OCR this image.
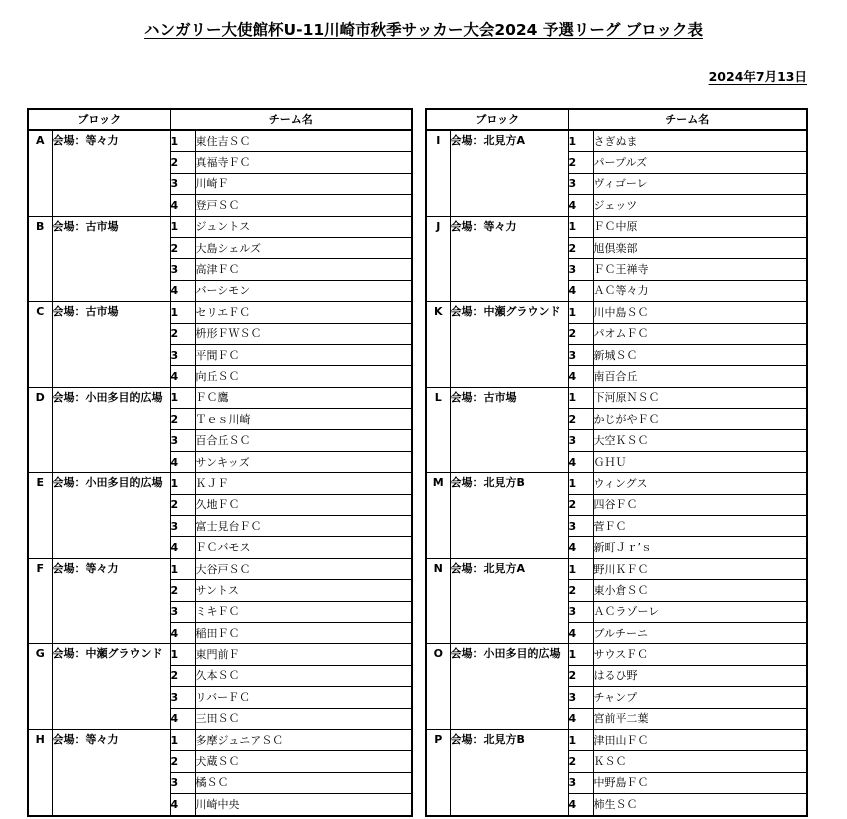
ハンガリー大使館杯U-11川崎市秋季サッカー大会2024 予選リーグ ブロック表
2024年7月13日
ブロック		チーム名	
A	会場：等々力	1	東住吉ＳＣ
		2	真福寺ＦＣ
		3	川崎Ｆ
		4	登戸ＳＣ
B	会場：古市場	1	ジュントス
		2	大島シェルズ
		3	高津ＦＣ
		4	バーシモン
C	会場：古市場	1	セリエＦＣ
		2	枡形ＦＷＳＣ
		3	平間ＦＣ
		4	向丘ＳＣ
D	会場：小田多目的広場	1	ＦＣ鷹
		2	Ｔｅｓ川崎
		3	百合丘ＳＣ
		4	サンキッズ
E	会場：小田多目的広場	1	ＫＪＦ
		2	久地ＦＣ
		3	富士見台ＦＣ
		4	ＦＣバモス
F	会場：等々力	1	大谷戸ＳＣ
		2	サントス
		3	ミキＦＣ
		4	稲田ＦＣ
G	会場：中瀬グラウンド	1	東門前Ｆ
		2	久本ＳＣ
		3	リバーＦＣ
		4	三田ＳＣ
H	会場：等々力	1	多摩ジュニアＳＣ
		2	犬蔵ＳＣ
		3	橘ＳＣ
		4	川崎中央
ブロック		チーム名	
I	会場：北見方A	1	さぎぬま
		2	パープルズ
		3	ヴィゴーレ
		4	ジェッツ
J	会場：等々力	1	ＦＣ中原
		2	旭倶楽部
		3	ＦＣ王禅寺
		4	ＡＣ等々力
K	会場：中瀬グラウンド	1	川中島ＳＣ
		2	パオムＦＣ
		3	新城ＳＣ
		4	南百合丘
L	会場：古市場	1	下河原ＮＳＣ
		2	かじがやＦＣ
		3	大空ＫＳＣ
		4	ＧＨＵ
M	会場：北見方B	1	ウィングス
		2	四谷ＦＣ
		3	菅ＦＣ
		4	新町Ｊｒ’ｓ
N	会場：北見方A	1	野川ＫＦＣ
		2	東小倉ＳＣ
		3	ＡＣラゾーレ
		4	ブルチーニ
O	会場：小田多目的広場	1	サウスＦＣ
		2	はるひ野
		3	チャンプ
		4	宮前平二葉
P	会場：北見方B	1	津田山ＦＣ
		2	ＫＳＣ
		3	中野島ＦＣ
		4	柿生ＳＣ
